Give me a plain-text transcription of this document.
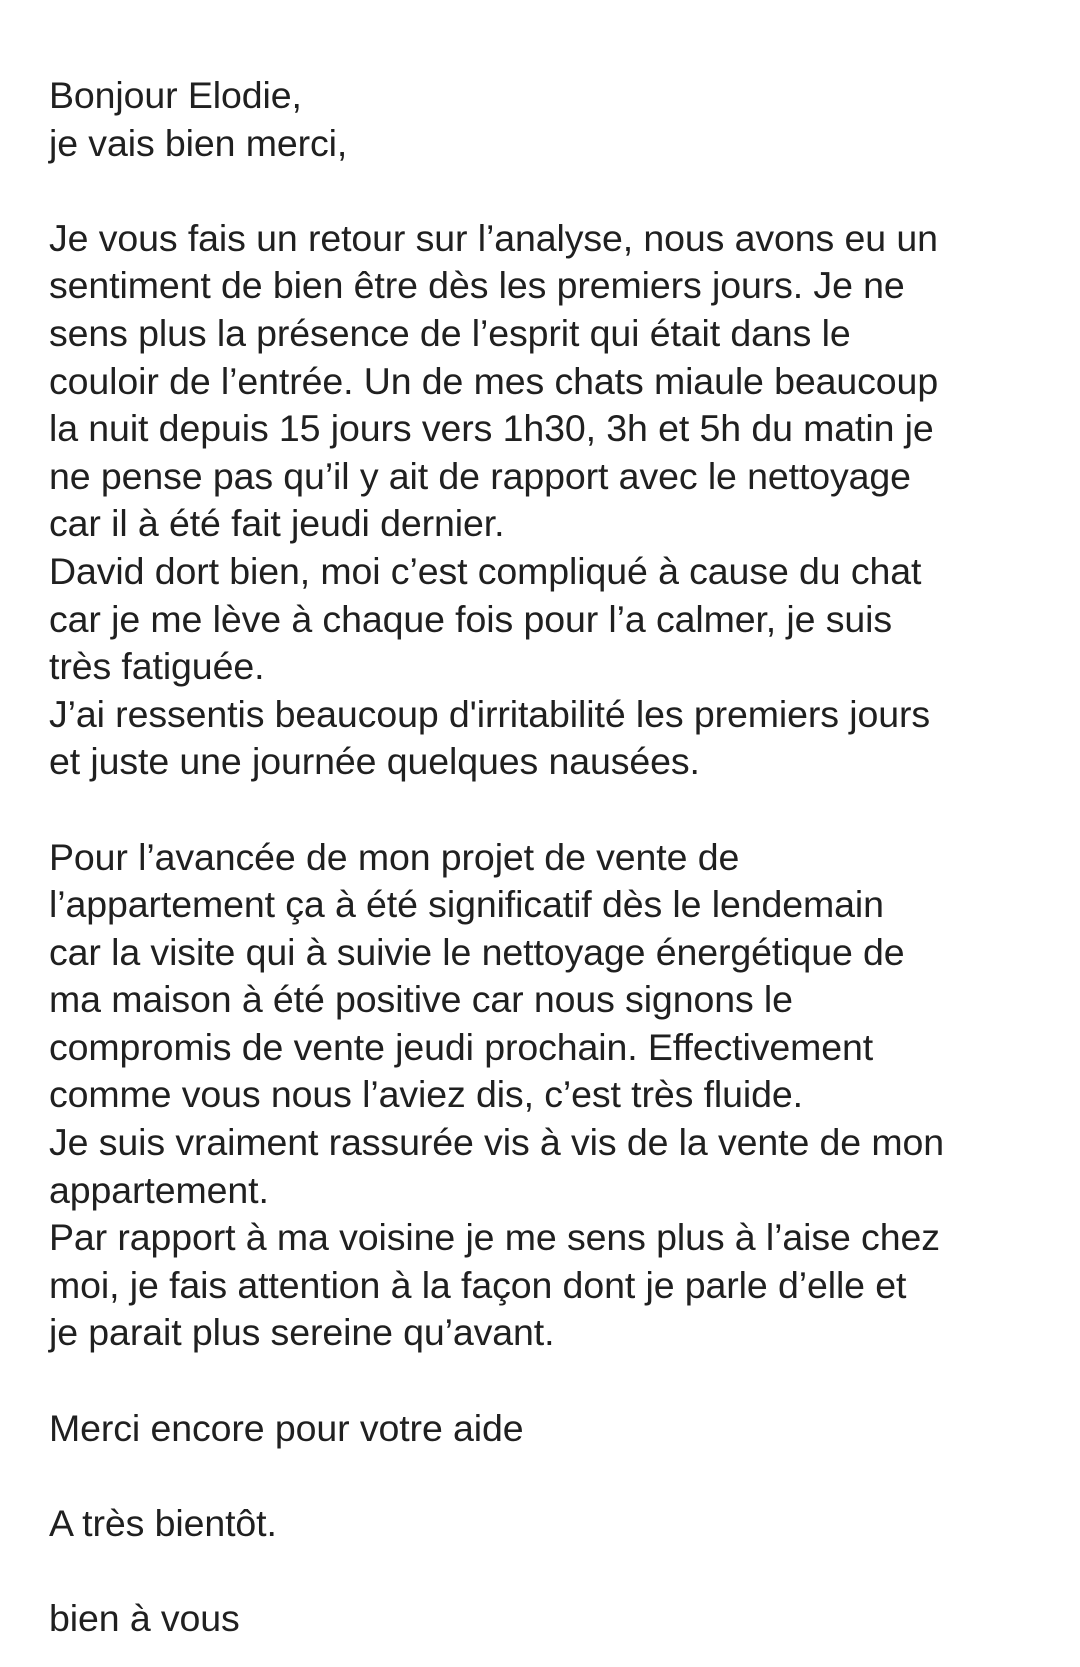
Bonjour Elodie,
je vais bien merci,
Je vous fais un retour sur l’analyse, nous avons eu un
sentiment de bien être dès les premiers jours. Je ne
sens plus la présence de l’esprit qui était dans le
couloir de l’entrée. Un de mes chats miaule beaucoup
la nuit depuis 15 jours vers 1h30, 3h et 5h du matin je
ne pense pas qu’il y ait de rapport avec le nettoyage
car il à été fait jeudi dernier.
David dort bien, moi c’est compliqué à cause du chat
car je me lève à chaque fois pour l’a calmer, je suis
très fatiguée.
J’ai ressentis beaucoup d'irritabilité les premiers jours
et juste une journée quelques nausées.
Pour l’avancée de mon projet de vente de
l’appartement ça à été significatif dès le lendemain
car la visite qui à suivie le nettoyage énergétique de
ma maison à été positive car nous signons le
compromis de vente jeudi prochain. Effectivement
comme vous nous l’aviez dis, c’est très fluide.
Je suis vraiment rassurée vis à vis de la vente de mon
appartement.
Par rapport à ma voisine je me sens plus à l’aise chez
moi, je fais attention à la façon dont je parle d’elle et
je parait plus sereine qu’avant.
Merci encore pour votre aide
A très bientôt.
bien à vous
